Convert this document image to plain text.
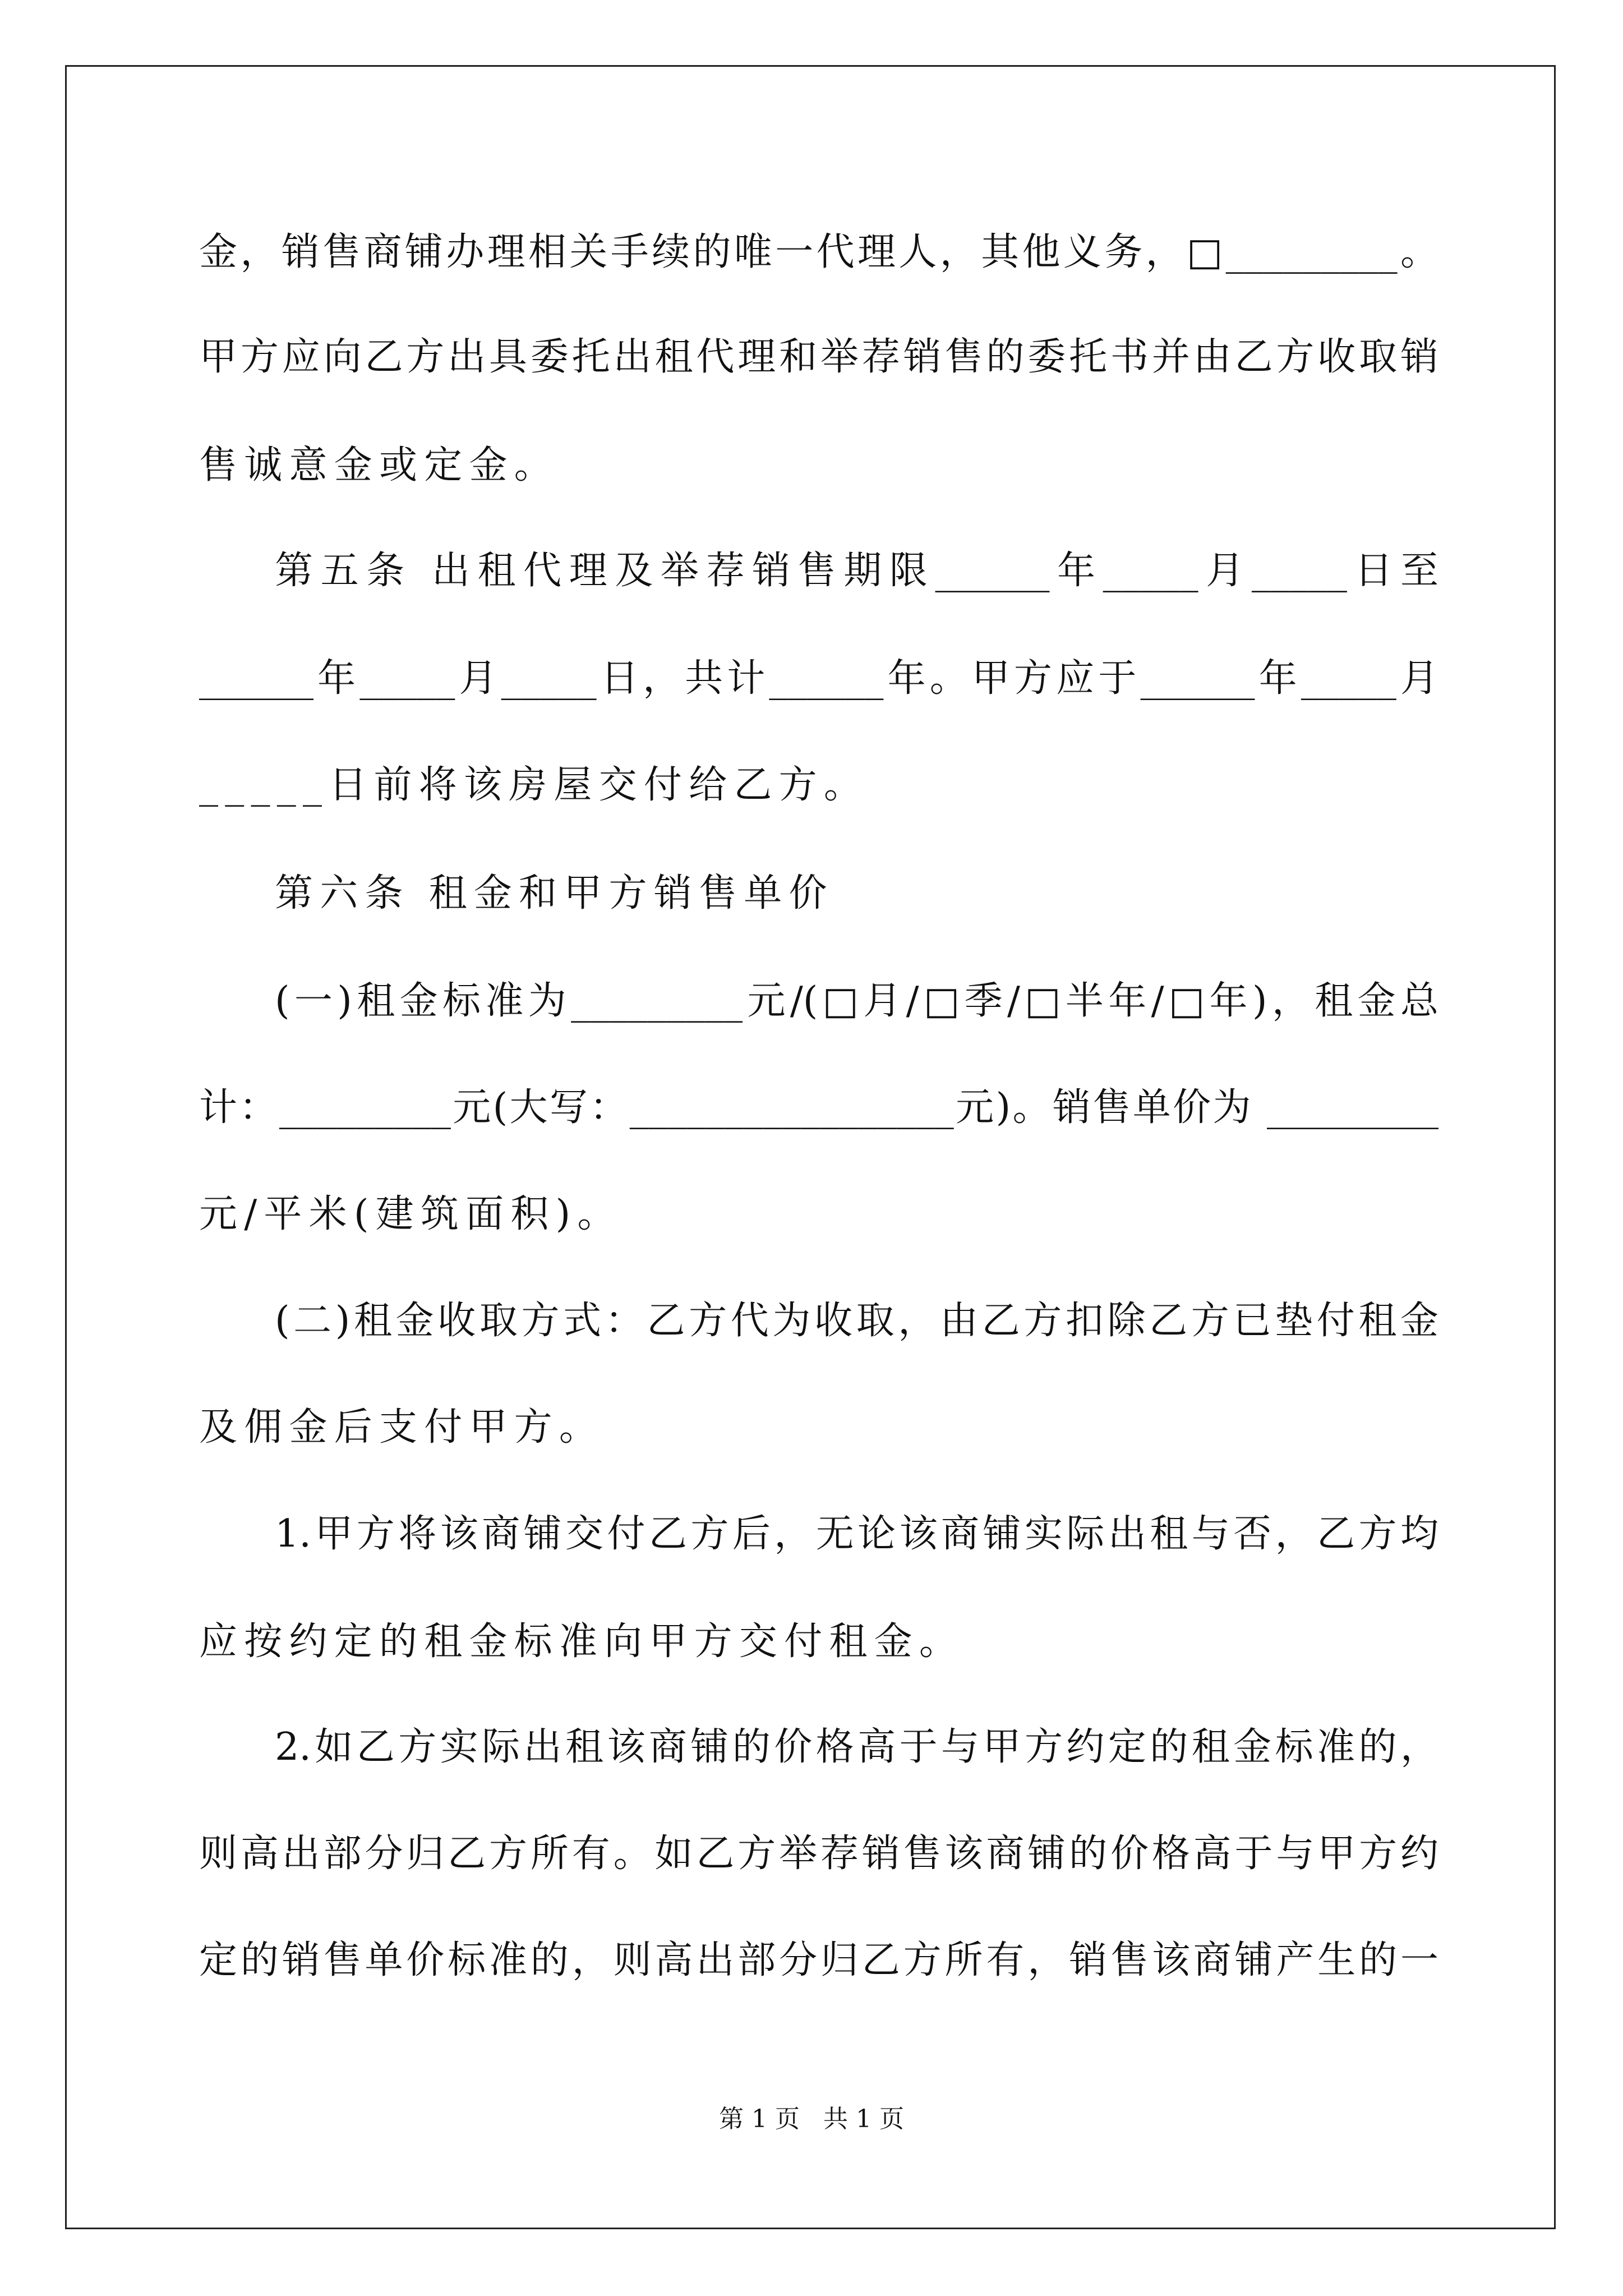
金，销售商铺办理相关手续的唯一代理人，其他义务，□_________。
甲方应向乙方出具委托出租代理和举荐销售的委托书并由乙方收取销
售诚意金或定金。
第五条 出租代理及举荐销售期限______年_____月_____日至
______年_____月_____日，共计______年。甲方应于______年_____月
_____日前将该房屋交付给乙方。
第六条 租金和甲方销售单价
(一)租金标准为_________元/(□月/□季/□半年/□年)，租金总
计：_________元(大写：_________________元)。销售单价为 _________
元/平米(建筑面积)。
(二)租金收取方式：乙方代为收取，由乙方扣除乙方已垫付租金
及佣金后支付甲方。
1.甲方将该商铺交付乙方后，无论该商铺实际出租与否，乙方均
应按约定的租金标准向甲方交付租金。
2.如乙方实际出租该商铺的价格高于与甲方约定的租金标准的，
则高出部分归乙方所有。如乙方举荐销售该商铺的价格高于与甲方约
定的销售单价标准的，则高出部分归乙方所有，销售该商铺产生的一
第 1 页   共 1 页
